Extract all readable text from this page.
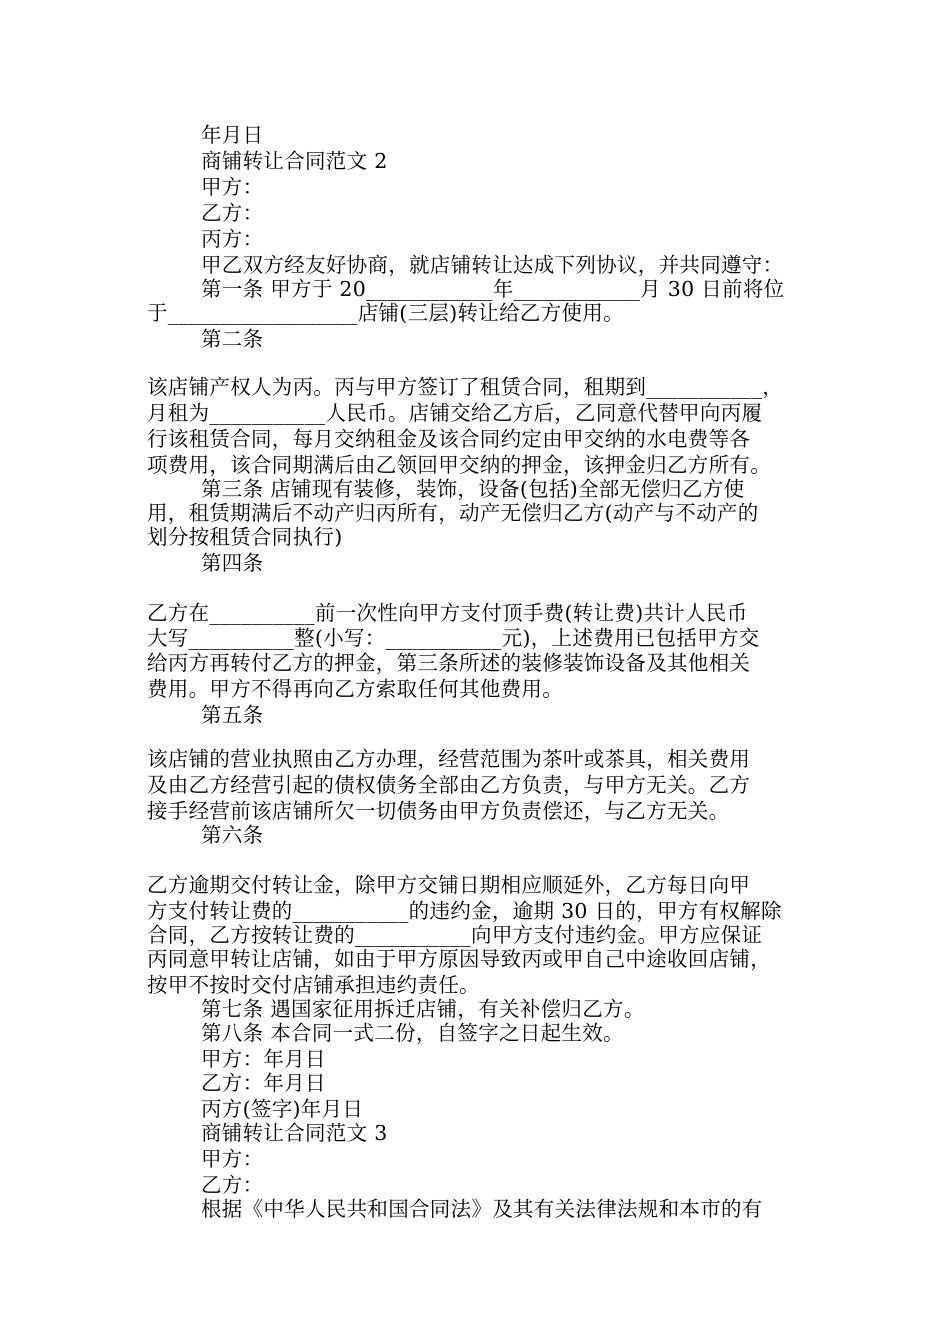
年月日
商铺转让合同范文 2
甲方：
乙方：
丙方：
甲乙双方经友好协商，就店铺转让达成下列协议，并共同遵守：
第一条 甲方于 20____________年____________月 30 日前将位
于__________________店铺(三层)转让给乙方使用。
第二条
该店铺产权人为丙。丙与甲方签订了租赁合同，租期到___________，
月租为___________人民币。店铺交给乙方后，乙同意代替甲向丙履
行该租赁合同，每月交纳租金及该合同约定由甲交纳的水电费等各
项费用，该合同期满后由乙领回甲交纳的押金，该押金归乙方所有。
第三条 店铺现有装修，装饰，设备(包括)全部无偿归乙方使
用，租赁期满后不动产归丙所有，动产无偿归乙方(动产与不动产的
划分按租赁合同执行)
第四条
乙方在__________前一次性向甲方支付顶手费(转让费)共计人民币
大写__________整(小写：___________元)，上述费用已包括甲方交
给丙方再转付乙方的押金，第三条所述的装修装饰设备及其他相关
费用。甲方不得再向乙方索取任何其他费用。
第五条
该店铺的营业执照由乙方办理，经营范围为茶叶或茶具，相关费用
及由乙方经营引起的债权债务全部由乙方负责，与甲方无关。乙方
接手经营前该店铺所欠一切债务由甲方负责偿还，与乙方无关。
第六条
乙方逾期交付转让金，除甲方交铺日期相应顺延外，乙方每日向甲
方支付转让费的___________的违约金，逾期 30 日的，甲方有权解除
合同，乙方按转让费的___________向甲方支付违约金。甲方应保证
丙同意甲转让店铺，如由于甲方原因导致丙或甲自己中途收回店铺，
按甲不按时交付店铺承担违约责任。
第七条 遇国家征用拆迁店铺，有关补偿归乙方。
第八条 本合同一式二份，自签字之日起生效。
甲方：年月日
乙方：年月日
丙方(签字)年月日
商铺转让合同范文 3
甲方：
乙方：
根据《中华人民共和国合同法》及其有关法律法规和本市的有
